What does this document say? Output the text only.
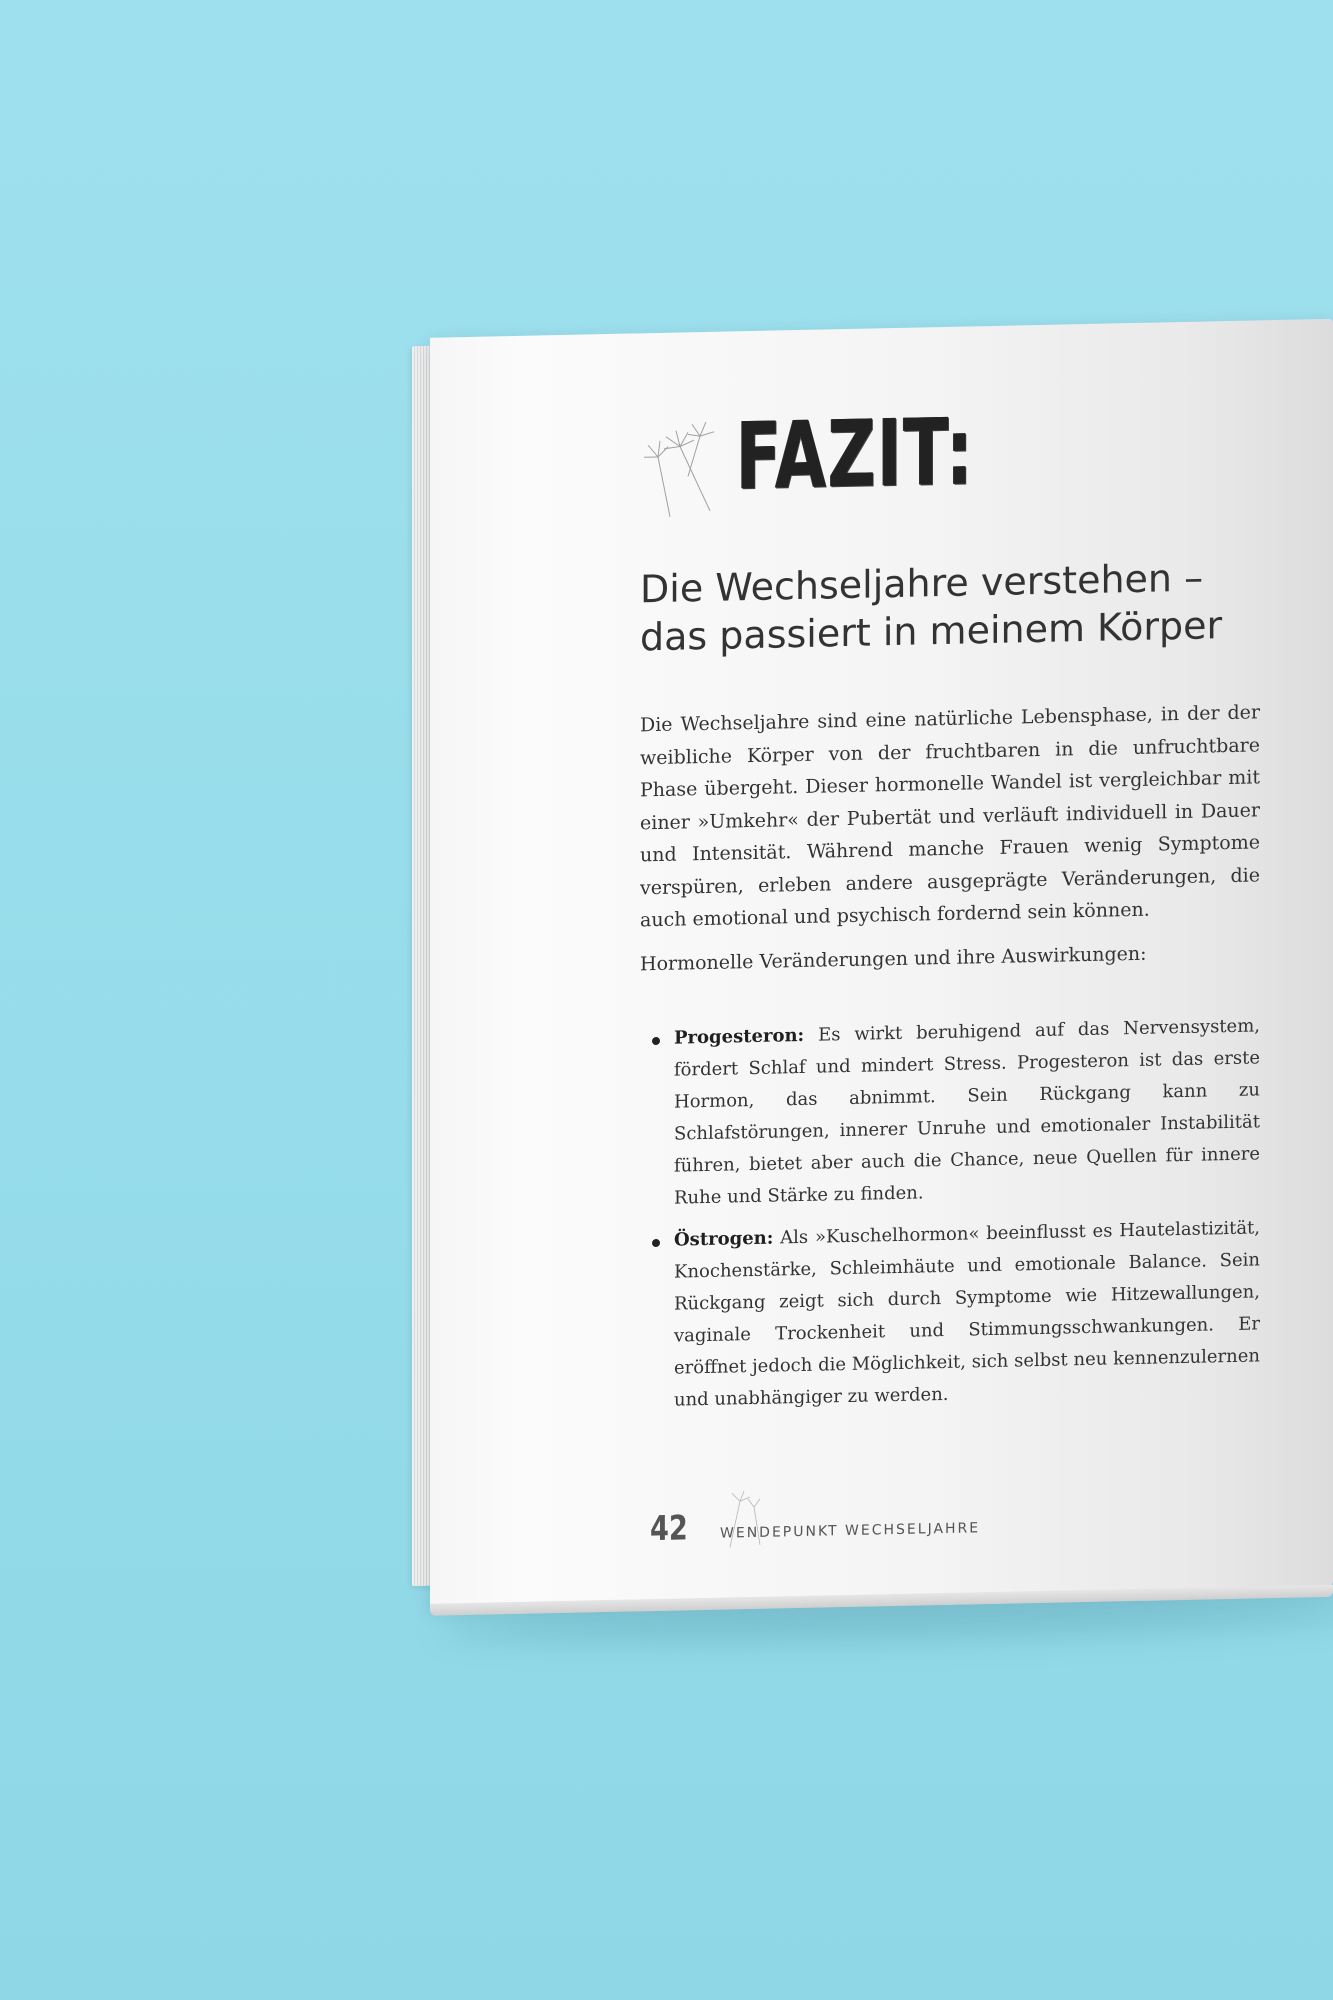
FAZIT:
Die Wechseljahre verstehen –
das passiert in meinem Körper

Die Wechseljahre sind eine natürliche Lebensphase, in der der weibliche Körper von der fruchtbaren in die unfruchtbare Phase übergeht. Dieser hormonelle Wandel ist vergleichbar mit einer »Umkehr« der Pubertät und verläuft individuell in Dauer und Intensität. Während manche Frauen wenig Symptome verspüren, erleben andere ausgeprägte Veränderungen, die auch emotional und psychisch fordernd sein können.

Hormonelle Veränderungen und ihre Auswirkungen:

Progesteron: Es wirkt beruhigend auf das Nervensystem, fördert Schlaf und mindert Stress. Progesteron ist das erste Hormon, das abnimmt. Sein Rückgang kann zu Schlafstörungen, innerer Unruhe und emotionaler Instabilität führen, bietet aber auch die Chance, neue Quellen für innere Ruhe und Stärke zu finden.
Östrogen: Als »Kuschelhormon« beeinflusst es Hautelastizität, Knochenstärke, Schleimhäute und emotionale Balance. Sein Rückgang zeigt sich durch Symptome wie Hitzewallungen, vaginale Trockenheit und Stimmungsschwankungen. Er eröffnet jedoch die Möglichkeit, sich selbst neu kennenzulernen und unabhängiger zu werden.
42 WENDEPUNKT WECHSELJAHRE
